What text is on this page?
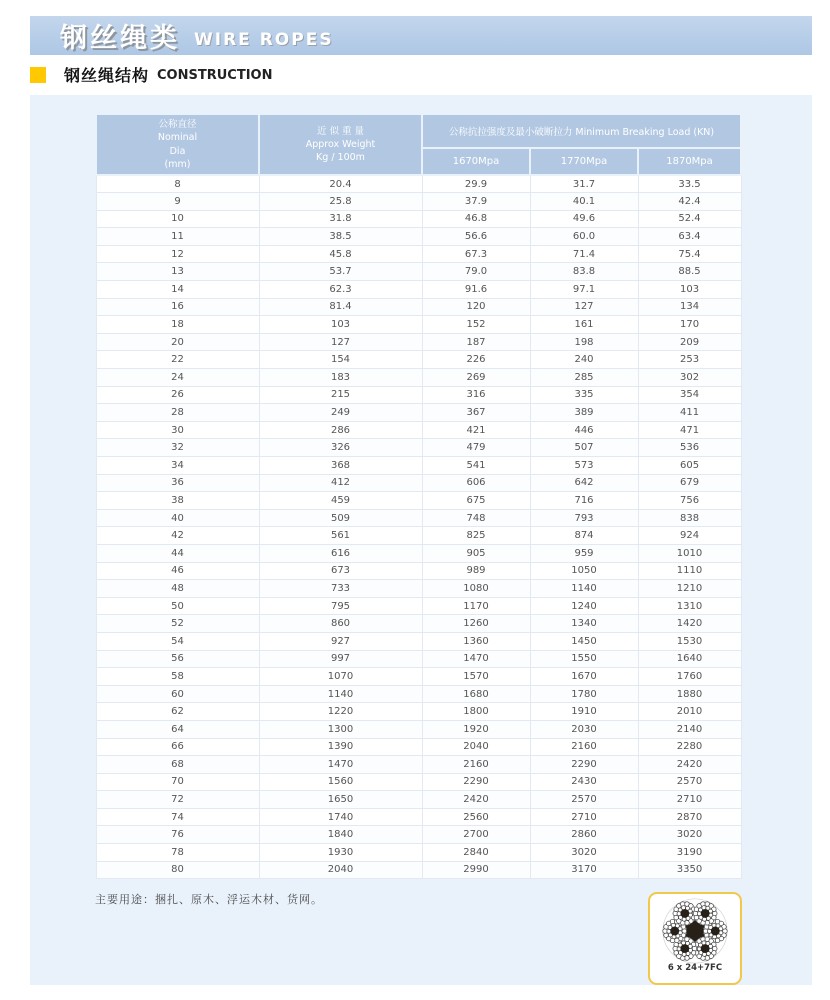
钢丝绳类 WIRE ROPES
钢丝绳结构 CONSTRUCTION
公称直径
Nominal
Dia
(mm)

近 似 重 量
Approx Weight
Kg / 100m
	公称抗拉强度及最小破断拉力 Minimum Breaking Load (KN)
		1670Mpa	1770Mpa	1870Mpa
8	20.4	29.9	31.7	33.5
9	25.8	37.9	40.1	42.4
10	31.8	46.8	49.6	52.4
11	38.5	56.6	60.0	63.4
12	45.8	67.3	71.4	75.4
13	53.7	79.0	83.8	88.5
14	62.3	91.6	97.1	103
16	81.4	120	127	134
18	103	152	161	170
20	127	187	198	209
22	154	226	240	253
24	183	269	285	302
26	215	316	335	354
28	249	367	389	411
30	286	421	446	471
32	326	479	507	536
34	368	541	573	605
36	412	606	642	679
38	459	675	716	756
40	509	748	793	838
42	561	825	874	924
44	616	905	959	1010
46	673	989	1050	1110
48	733	1080	1140	1210
50	795	1170	1240	1310
52	860	1260	1340	1420
54	927	1360	1450	1530
56	997	1470	1550	1640
58	1070	1570	1670	1760
60	1140	1680	1780	1880
62	1220	1800	1910	2010
64	1300	1920	2030	2140
66	1390	2040	2160	2280
68	1470	2160	2290	2420
70	1560	2290	2430	2570
72	1650	2420	2570	2710
74	1740	2560	2710	2870
76	1840	2700	2860	3020
78	1930	2840	3020	3190
80	2040	2990	3170	3350
主要用途：捆扎、原木、浮运木材、货网。
6 x 24+7FC
